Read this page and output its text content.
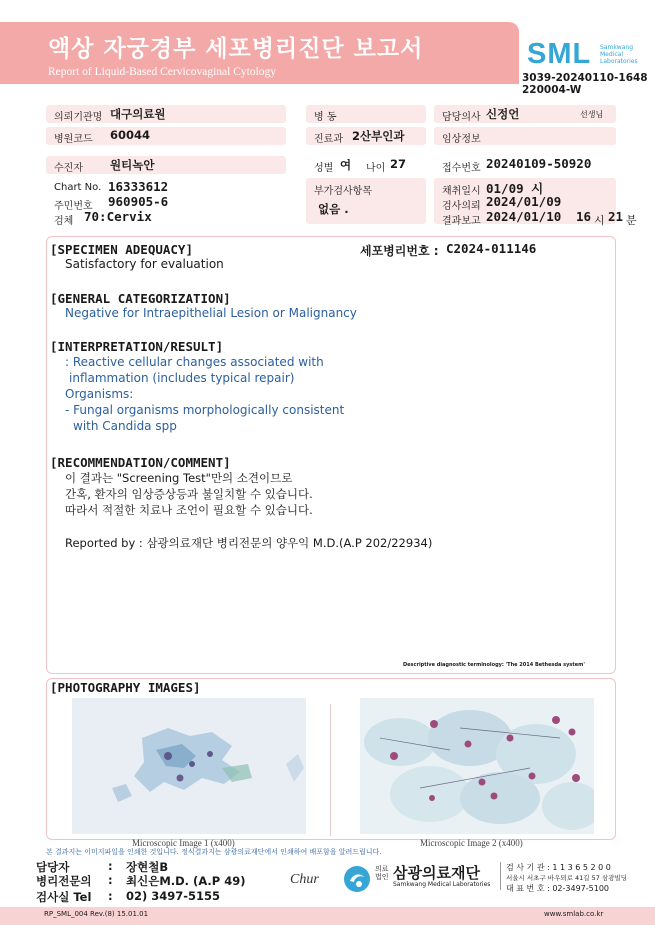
액상 자궁경부 세포병리진단 보고서
Report of Liquid-Based Cervicovaginal Cytology
SML Samkwang
Medical
Laboratories
3039-20240110-1648
220004-W
의뢰기관명 대구의료원	병 동	담당의사 신정언	선생님
병원코드 60044	진료과 2산부인과	임상정보
수진자 원티녹안	성별 여 나이 27	접수번호 20240109-50920
Chart No. 16333612
주민번호 960905-6
검체 70:Cervix
부가검사항목
없음 .
채취일시 01/09 시
검사의뢰 2024/01/09
결과보고 2024/01/10 16 시 21 분
[SPECIMEN ADEQUACY]	세포병리번호 : C2024-011146
Satisfactory for evaluation
[GENERAL CATEGORIZATION]
Negative for Intraepithelial Lesion or Malignancy
[INTERPRETATION/RESULT]
: Reactive cellular changes associated with
inflammation (includes typical repair)
Organisms:
- Fungal organisms morphologically consistent
with Candida spp
[RECOMMENDATION/COMMENT]
이 결과는 "Screening Test"만의 소견이므로
간혹, 환자의 임상증상등과 불일치할 수 있습니다.
따라서 적절한 치료나 조언이 필요할 수 있습니다.
Reported by : 삼광의료재단 병리전문의 양우익 M.D.(A.P 202/22934)
Descriptive diagnostic terminology: 'The 2014 Bethesda system'
[PHOTOGRAPHY IMAGES]
Microscopic Image 1 (x400)	Microscopic Image 2 (x400)
본 결과지는 이미지파일을 인쇄한 것입니다. 정식결과지는 삼광의료재단에서 인쇄하여 배포함을 알려드립니다.
담당자	: 장현철B
병리전문의 : 최신은M.D. (A.P 49)
검사실 Tel : 02) 3497-5155
Chur
의료
법인 삼광의료재단
Samkwang Medical Laboratories
검 사 기 관 : 1 1 3 6 5 2 0 0
서울시 서초구 바우뫼로 41길 57 삼광빌딩
대 표 번 호 : 02-3497-5100
RP_SML_004 Rev.(8) 15.01.01	www.smlab.co.kr
